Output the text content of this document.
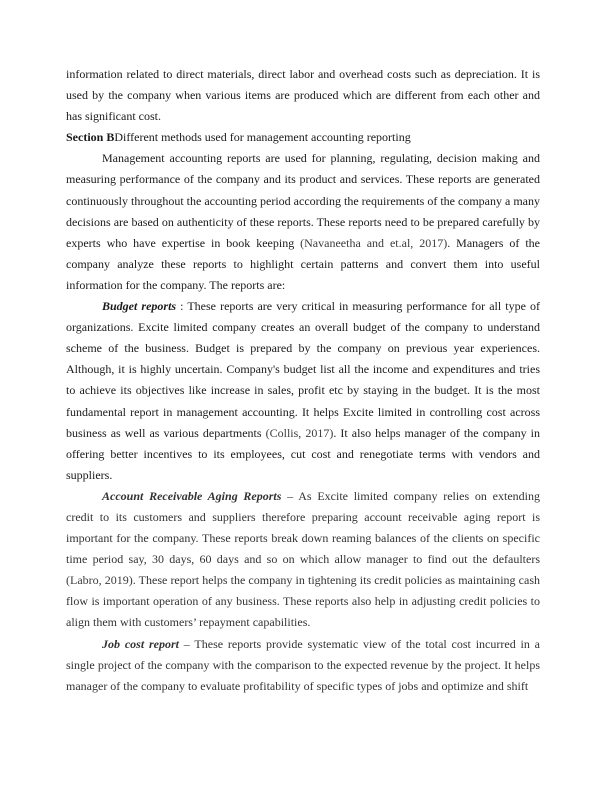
information related to direct materials, direct labor and overhead costs such as depreciation. It is used by the company when various items are produced which are different from each other and has significant cost.

Section BDifferent methods used for management accounting reporting

Management accounting reports are used for planning, regulating, decision making and measuring performance of the company and its product and services. These reports are generated continuously throughout the accounting period according the requirements of the company a many decisions are based on authenticity of these reports. These reports need to be prepared carefully by experts who have expertise in book keeping (Navaneetha and et.al, 2017). Managers of the company analyze these reports to highlight certain patterns and convert them into useful information for the company. The reports are:

Budget reports : These reports are very critical in measuring performance for all type of organizations. Excite limited company creates an overall budget of the company to understand scheme of the business. Budget is prepared by the company on previous year experiences. Although, it is highly uncertain. Company's budget list all the income and expenditures and tries to achieve its objectives like increase in sales, profit etc by staying in the budget. It is the most fundamental report in management accounting. It helps Excite limited in controlling cost across business as well as various departments (Collis, 2017). It also helps manager of the company in offering better incentives to its employees, cut cost and renegotiate terms with vendors and suppliers.

Account Receivable Aging Reports – As Excite limited company relies on extending credit to its customers and suppliers therefore preparing account receivable aging report is important for the company. These reports break down reaming balances of the clients on specific time period say, 30 days, 60 days and so on which allow manager to find out the defaulters (Labro, 2019). These report helps the company in tightening its credit policies as maintaining cash flow is important operation of any business. These reports also help in adjusting credit policies to align them with customers’ repayment capabilities.

Job cost report – These reports provide systematic view of the total cost incurred in a single project of the company with the comparison to the expected revenue by the project. It helps manager of the company to evaluate profitability of specific types of jobs and optimize and shift
